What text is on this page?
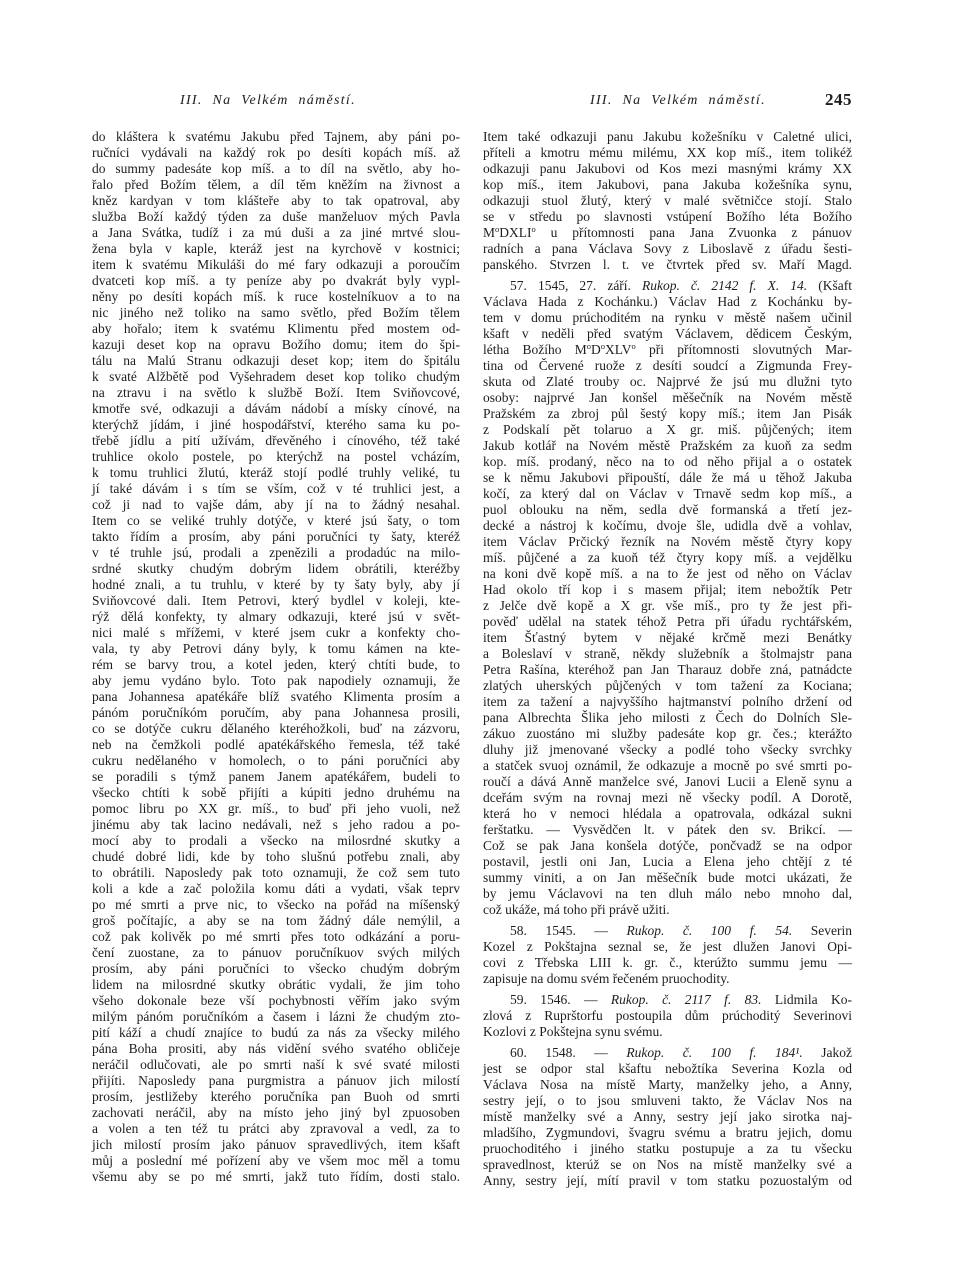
III. Na Velkém náměstí.	III. Na Velkém náměstí.	245
do kláštera k svatému Jakubu před Tajnem, aby páni po-
ručníci vydávali na každý rok po desíti kopách míš. až
do summy padesáte kop míš. a to díl na světlo, aby ho-
řalo před Božím tělem, a díl těm kněžím na živnost a
kněz kardyan v tom klášteře aby to tak opatroval, aby
služba Boží každý týden za duše manželuov mých Pavla
a Jana Svátka, tudíž i za mú duši a za jiné mrtvé slou-
žena byla v kaple, kteráž jest na kyrchově v kostnici;
item k svatému Mikuláši do mé fary odkazuji a poroučím
dvatceti kop míš. a ty peníze aby po dvakrát byly vypl-
něny po desíti kopách míš. k ruce kostelníkuov a to na
nic jiného než toliko na samo světlo, před Božím tělem
aby hořalo; item k svatému Klimentu před mostem od-
kazuji deset kop na opravu Božího domu; item do špi-
tálu na Malú Stranu odkazuji deset kop; item do špitálu
k svaté Alžbětě pod Vyšehradem deset kop toliko chudým
na ztravu i na světlo k službě Boží. Item Sviňovcové,
kmotře své, odkazuji a dávám nádobí a mísky cínové, na
kterýchž jídám, i jiné hospodářství, kterého sama ku po-
třebě jídlu a pití užívám, dřevěného i cínového, též také
truhlice okolo postele, po kterýchž na postel vcházím,
k tomu truhlici žlutú, kteráž stojí podlé truhly veliké, tu
jí také dávám i s tím se vším, což v té truhlici jest, a
což ji nad to vajše dám, aby jí na to žádný nesahal.
Item co se veliké truhly dotýče, v které jsú šaty, o tom
takto řídím a prosím, aby páni poručníci ty šaty, kteréž
v té truhle jsú, prodali a zpenězili a prodadúc na milo-
srdné skutky chudým dobrým lidem obrátili, kteréžby
hodné znali, a tu truhlu, v které by ty šaty byly, aby jí
Sviňovcové dali. Item Petrovi, který bydlel v koleji, kte-
rýž dělá konfekty, ty almary odkazuji, které jsú v svět-
nici malé s mřížemi, v které jsem cukr a konfekty cho-
vala, ty aby Petrovi dány byly, k tomu kámen na kte-
rém se barvy trou, a kotel jeden, který chtíti bude, to
aby jemu vydáno bylo. Toto pak napodiely oznamuji, že
pana Johannesa apatékáře blíž svatého Klimenta prosím a
pánóm poručníkóm poručím, aby pana Johannesa prosili,
co se dotýče cukru dělaného kteréhožkoli, buď na zázvoru,
neb na čemžkoli podlé apatékářského řemesla, též také
cukru nedělaného v homolech, o to páni poručníci aby
se poradili s týmž panem Janem apatékářem, budeli to
všecko chtíti k sobě přijíti a kúpiti jedno druhému na
pomoc libru po XX gr. míš., to buď při jeho vuoli, než
jinému aby tak lacino nedávali, než s jeho radou a po-
mocí aby to prodali a všecko na milosrdné skutky a
chudé dobré lidi, kde by toho slušnú potřebu znali, aby
to obrátili. Naposledy pak toto oznamuji, že což sem tuto
koli a kde a zač položila komu dáti a vydati, však teprv
po mé smrti a prve nic, to všecko na pořád na míšenský
groš počítajíc, a aby se na tom žádný dále nemýlil, a
což pak kolivěk po mé smrti přes toto odkázání a poru-
čení zuostane, za to pánuov poručníkuov svých milých
prosím, aby páni poručníci to všecko chudým dobrým
lidem na milosrdné skutky obrátic vydali, že jim toho
všeho dokonale beze vší pochybnosti věřím jako svým
milým pánóm poručníkóm a časem i lázni že chudým zto-
pití káží a chudí znajíce to budú za nás za všecky milého
pána Boha prositi, aby nás vidění svého svatého obličeje
neráčil odlučovati, ale po smrti naší k své svaté milosti
přijíti. Naposledy pana purgmistra a pánuov jich milostí
prosím, jestližeby kterého poručníka pan Buoh od smrti
zachovati neráčil, aby na místo jeho jiný byl zpuosoben
a volen a ten též tu prátci aby zpravoval a vedl, za to
jich milostí prosím jako pánuov spravedlivých, item kšaft
můj a poslední mé pořízení aby ve všem moc měl a tomu
všemu aby se po mé smrti, jakž tuto řídím, dosti stalo.
Item také odkazuji panu Jakubu kožešníku v Caletné ulici,
příteli a kmotru mému milému, XX kop míš., item tolikéž
odkazuji panu Jakubovi od Kos mezi masnými krámy XX
kop míš., item Jakubovi, pana Jakuba kožešníka synu,
odkazuji stuol žlutý, který v malé světničce stojí. Stalo
se v středu po slavnosti vstúpení Božího léta Božího
$M^oDXLI^o$ u přítomnosti pana Jana Zvuonka z pánuov
radních a pana Václava Sovy z Liboslavě z úřadu šesti-
panského. Stvrzen l. t. ve čtvrtek před sv. Maří Magd.
57. 1545, 27. září. Rukop. č. 2142 f. X. 14. (Kšaft
Václava Hada z Kochánku.) Václav Had z Kochánku by-
tem v domu prúchoditém na rynku v městě našem učinil
kšaft v neděli před svatým Václavem, dědicem Českým,
létha Božího $M^oD^oXLV^o$ při přítomnosti slovutných Mar-
tina od Červené ruože z desíti soudcí a Zigmunda Frey-
skuta od Zlaté trouby oc. Najprvé že jsú mu dlužni tyto
osoby: najprvé Jan konšel měšečník na Novém městě
Pražském za zbroj půl šestý kopy míš.; item Jan Pisák
z Podskalí pět tolaruo a X gr. miš. půjčených; item
Jakub kotlář na Novém městě Pražském za kuoň za sedm
kop. míš. prodaný, něco na to od něho přijal a o ostatek
se k němu Jakubovi připouští, dále že má u těhož Jakuba
kočí, za který dal on Václav v Trnavě sedm kop míš., a
puol oblouku na něm, sedla dvě formanská a třetí jez-
decké a nástroj k kočímu, dvoje šle, udidla dvě a vohlav,
item Václav Prčický řezník na Novém městě čtyry kopy
míš. půjčené a za kuoň též čtyry kopy míš. a vejdělku
na koni dvě kopě míš. a na to že jest od něho on Václav
Had okolo tří kop i s masem přijal; item nebožtík Petr
z Jelče dvě kopě a X gr. vše míš., pro ty že jest při-
pověď udělal na statek téhož Petra při úřadu rychtářském,
item Šťastný bytem v nějaké krčmě mezi Benátky
a Boleslaví v straně, někdy služebník a štolmajstr pana
Petra Rašína, kteréhož pan Jan Tharauz dobře zná, patnádcte
zlatých uherských půjčených v tom tažení za Kociana;
item za tažení a najvyššího hajtmanství polního držení od
pana Albrechta Šlika jeho milosti z Čech do Dolních Sle-
zákuo zuostáno mi služby padesáte kop gr. čes.; kterážto
dluhy již jmenované všecky a podlé toho všecky svrchky
a statček svuoj oznámil, že odkazuje a mocně po své smrti po-
roučí a dává Anně manželce své, Janovi Lucii a Eleně synu a
dceřám svým na rovnaj mezi ně všecky podíl. A Dorotě,
která ho v nemoci hlédala a opatrovala, odkázal sukni
ferštatku. — Vysvědčen lt. v pátek den sv. Brikcí. —
Což se pak Jana konšela dotýče, pončvadž se na odpor
postavil, jestli oni Jan, Lucia a Elena jeho chtějí z té
summy viniti, a on Jan měšečník bude motci ukázati, že
by jemu Václavovi na ten dluh málo nebo mnoho dal,
což ukáže, má toho při právě užiti.
58. 1545. — Rukop. č. 100 f. 54. Severin
Kozel z Pokštajna seznal se, že jest dlužen Janovi Opi-
covi z Třebska LIII k. gr. č., kterúžto summu jemu —
zapisuje na domu svém řečeném pruochodity.
59. 1546. — Rukop. č. 2117 f. 83. Lidmila Ko-
zlová z Ruprštorfu postoupila dům prúchoditý Severinovi
Kozlovi z Pokštejna synu svému.
60. 1548. — Rukop. č. 100 f. 184¹. Jakož
jest se odpor stal kšaftu nebožtíka Severina Kozla od
Václava Nosa na místě Marty, manželky jeho, a Anny,
sestry její, o to jsou smluveni takto, že Václav Nos na
místě manželky své a Anny, sestry její jako sirotka naj-
mladšího, Zygmundovi, švagru svému a bratru jejich, domu
pruochoditého i jiného statku postupuje a za tu všecku
spravedlnost, kterúž se on Nos na místě manželky své a
Anny, sestry její, mítí pravil v tom statku pozuostalým od
